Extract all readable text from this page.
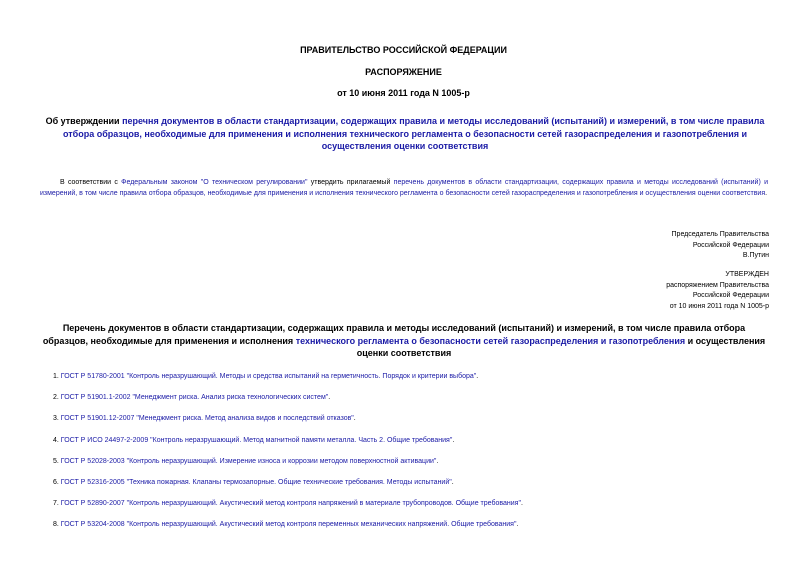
ПРАВИТЕЛЬСТВО РОССИЙСКОЙ ФЕДЕРАЦИИ
РАСПОРЯЖЕНИЕ
от 10 июня 2011 года N 1005-р
Об утверждении перечня документов в области стандартизации, содержащих правила и методы исследований (испытаний) и измерений, в том числе правила отбора образцов, необходимые для применения и исполнения технического регламента о безопасности сетей газораспределения и газопотребления и осуществления оценки соответствия
В соответствии с Федеральным законом "О техническом регулировании" утвердить прилагаемый перечень документов в области стандартизации, содержащих правила и методы исследований (испытаний) и измерений, в том числе правила отбора образцов, необходимые для применения и исполнения технического регламента о безопасности сетей газораспределения и газопотребления и осуществления оценки соответствия.
Председатель Правительства
Российской Федерации
В.Путин
УТВЕРЖДЕН
распоряжением Правительства
Российской Федерации
от 10 июня 2011 года N 1005-р
Перечень документов в области стандартизации, содержащих правила и методы исследований (испытаний) и измерений, в том числе правила отбора образцов, необходимые для применения и исполнения технического регламента о безопасности сетей газораспределения и газопотребления и осуществления оценки соответствия
1. ГОСТ Р 51780-2001 "Контроль неразрушающий. Методы и средства испытаний на герметичность. Порядок и критерии выбора".
2. ГОСТ Р 51901.1-2002 "Менеджмент риска. Анализ риска технологических систем".
3. ГОСТ Р 51901.12-2007 "Менеджмент риска. Метод анализа видов и последствий отказов".
4. ГОСТ Р ИСО 24497-2-2009 "Контроль неразрушающий. Метод магнитной памяти металла. Часть 2. Общие требования".
5. ГОСТ Р 52028-2003 "Контроль неразрушающий. Измерение износа и коррозии методом поверхностной активации".
6. ГОСТ Р 52316-2005 "Техника пожарная. Клапаны термозапорные. Общие технические требования. Методы испытаний".
7. ГОСТ Р 52890-2007 "Контроль неразрушающий. Акустический метод контроля напряжений в материале трубопроводов. Общие требования".
8. ГОСТ Р 53204-2008 "Контроль неразрушающий. Акустический метод контроля переменных механических напряжений. Общие требования".
